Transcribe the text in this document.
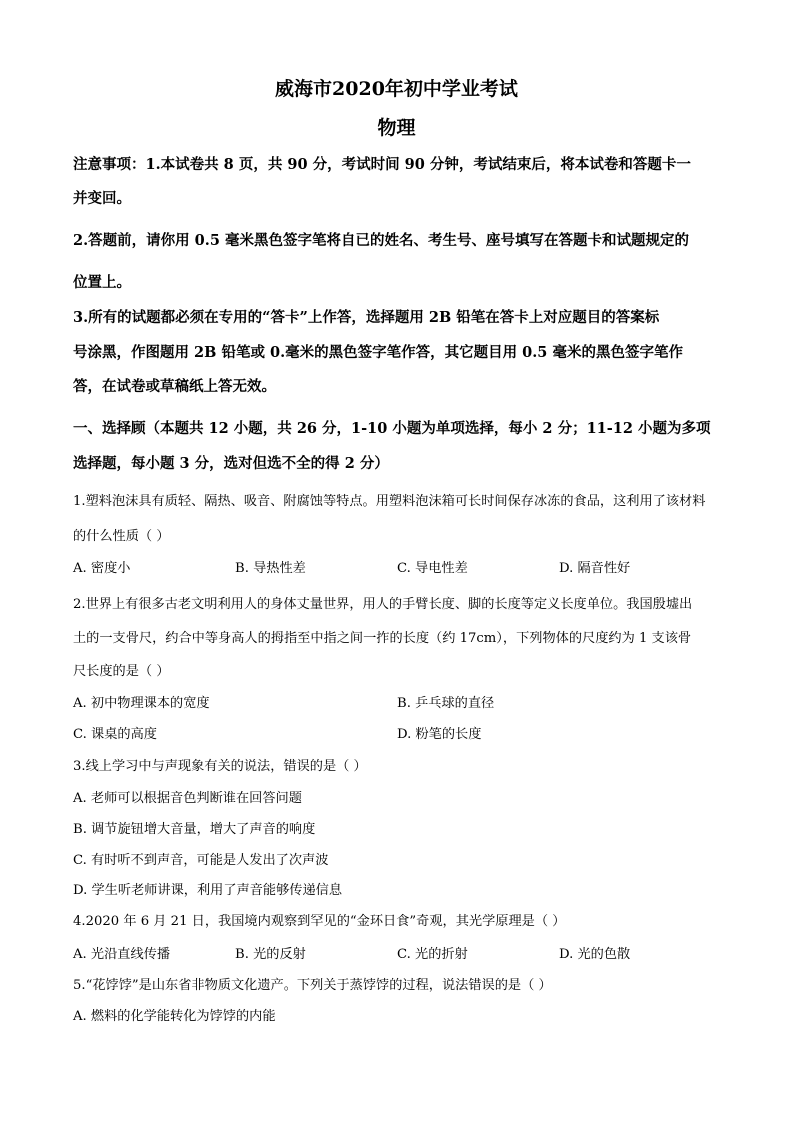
威海市2020年初中学业考试
物理
注意事项：1.本试卷共 8 页，共 90 分，考试时间 90 分钟，考试结束后，将本试卷和答题卡一
并变回。
2.答题前，请你用 0.5 毫米黑色签字笔将自已的姓名、考生号、座号填写在答题卡和试题规定的
位置上。
3.所有的试题都必须在专用的“答卡”上作答，选择题用 2B 铅笔在答卡上对应题目的答案标
号涂黑，作图题用 2B 铅笔或 0.毫米的黑色签字笔作答，其它题目用 0.5 毫米的黑色签字笔作
答，在试卷或草稿纸上答无效。
一、选择顾（本题共 12 小题，共 26 分，1-10 小题为单项选择，每小 2 分；11-12 小题为多项
选择题，每小题 3 分，选对但选不全的得 2 分）
1.塑料泡沫具有质轻、隔热、吸音、附腐蚀等特点。用塑料泡沫箱可长时间保存冰冻的食品，这利用了该材料
的什么性质（ ）
A. 密度小	B. 导热性差	C. 导电性差	D. 隔音性好
2.世界上有很多古老文明利用人的身体丈量世界，用人的手臂长度、脚的长度等定义长度单位。我国殷墟出
土的一支骨尺，约合中等身高人的拇指至中指之间一拃的长度（约 17cm），下列物体的尺度约为 1 支该骨
尺长度的是（ ）
A. 初中物理课本的宽度	B. 乒乓球的直径
C. 课桌的高度	D. 粉笔的长度
3.线上学习中与声现象有关的说法，错误的是（ ）
A. 老师可以根据音色判断谁在回答问题
B. 调节旋钮增大音量，增大了声音的响度
C. 有时听不到声音，可能是人发出了次声波
D. 学生听老师讲课，利用了声音能够传递信息
4.2020 年 6 月 21 日，我国境内观察到罕见的“金环日食”奇观，其光学原理是（ ）
A. 光沿直线传播	B. 光的反射	C. 光的折射	D. 光的色散
5.“花饽饽”是山东省非物质文化遗产。下列关于蒸饽饽的过程，说法错误的是（ ）
A. 燃料的化学能转化为饽饽的内能
